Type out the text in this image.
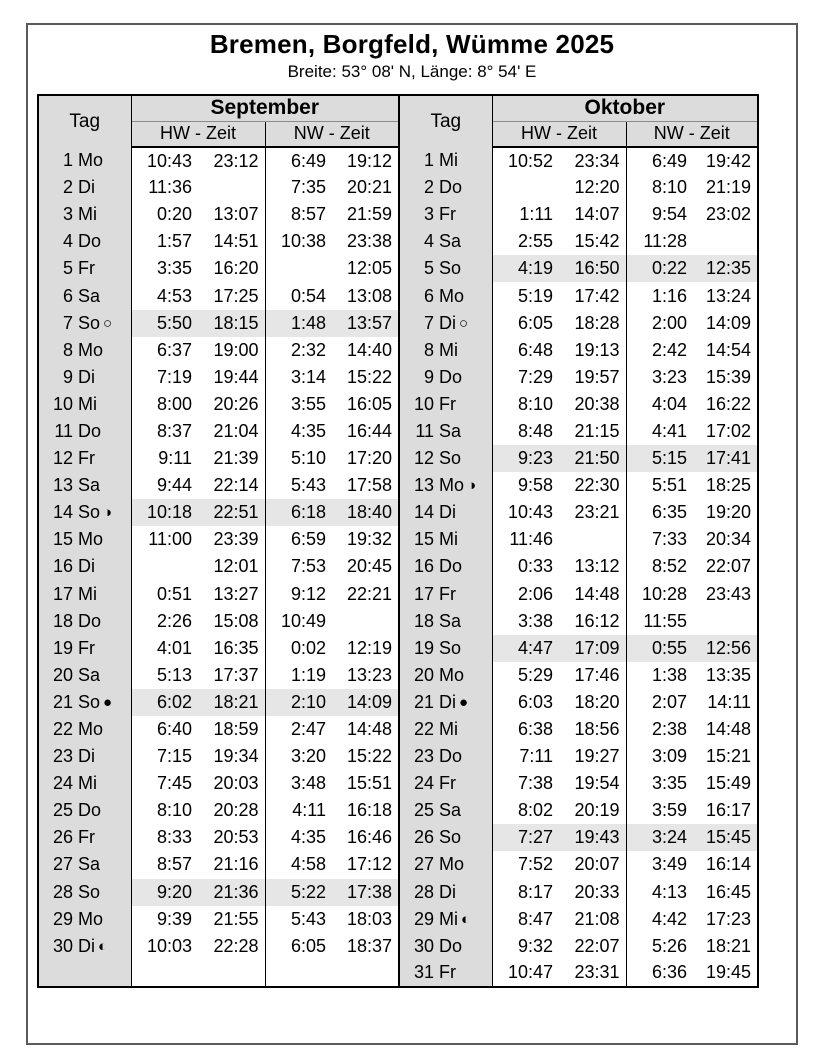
Bremen, Borgfeld, Wümme 2025
Breite: 53° 08' N, Länge: 8° 54' E
Tag	September				Tag	Oktober			
	HW - Zeit		NW - Zeit			HW - Zeit		NW - Zeit	
1 Mo	10:43	23:12	6:49	19:12	1 Mi	10:52	23:34	6:49	19:42
2 Di	11:36		7:35	20:21	2 Do		12:20	8:10	21:19
3 Mi	0:20	13:07	8:57	21:59	3 Fr	1:11	14:07	9:54	23:02
4 Do	1:57	14:51	10:38	23:38	4 Sa	2:55	15:42	11:28	
5 Fr	3:35	16:20		12:05	5 So	4:19	16:50	0:22	12:35
6 Sa	4:53	17:25	0:54	13:08	6 Mo	5:19	17:42	1:16	13:24
7 So ○	5:50	18:15	1:48	13:57	7 Di ○	6:05	18:28	2:00	14:09
8 Mo	6:37	19:00	2:32	14:40	8 Mi	6:48	19:13	2:42	14:54
9 Di	7:19	19:44	3:14	15:22	9 Do	7:29	19:57	3:23	15:39
10 Mi	8:00	20:26	3:55	16:05	10 Fr	8:10	20:38	4:04	16:22
11 Do	8:37	21:04	4:35	16:44	11 Sa	8:48	21:15	4:41	17:02
12 Fr	9:11	21:39	5:10	17:20	12 So	9:23	21:50	5:15	17:41
13 Sa	9:44	22:14	5:43	17:58	13 Mo ◑	9:58	22:30	5:51	18:25
14 So ◑	10:18	22:51	6:18	18:40	14 Di	10:43	23:21	6:35	19:20
15 Mo	11:00	23:39	6:59	19:32	15 Mi	11:46		7:33	20:34
16 Di		12:01	7:53	20:45	16 Do	0:33	13:12	8:52	22:07
17 Mi	0:51	13:27	9:12	22:21	17 Fr	2:06	14:48	10:28	23:43
18 Do	2:26	15:08	10:49		18 Sa	3:38	16:12	11:55	
19 Fr	4:01	16:35	0:02	12:19	19 So	4:47	17:09	0:55	12:56
20 Sa	5:13	17:37	1:19	13:23	20 Mo	5:29	17:46	1:38	13:35
21 So ●	6:02	18:21	2:10	14:09	21 Di ●	6:03	18:20	2:07	14:11
22 Mo	6:40	18:59	2:47	14:48	22 Mi	6:38	18:56	2:38	14:48
23 Di	7:15	19:34	3:20	15:22	23 Do	7:11	19:27	3:09	15:21
24 Mi	7:45	20:03	3:48	15:51	24 Fr	7:38	19:54	3:35	15:49
25 Do	8:10	20:28	4:11	16:18	25 Sa	8:02	20:19	3:59	16:17
26 Fr	8:33	20:53	4:35	16:46	26 So	7:27	19:43	3:24	15:45
27 Sa	8:57	21:16	4:58	17:12	27 Mo	7:52	20:07	3:49	16:14
28 So	9:20	21:36	5:22	17:38	28 Di	8:17	20:33	4:13	16:45
29 Mo	9:39	21:55	5:43	18:03	29 Mi ◐	8:47	21:08	4:42	17:23
30 Di ◐	10:03	22:28	6:05	18:37	30 Do	9:32	22:07	5:26	18:21
					31 Fr	10:47	23:31	6:36	19:45
